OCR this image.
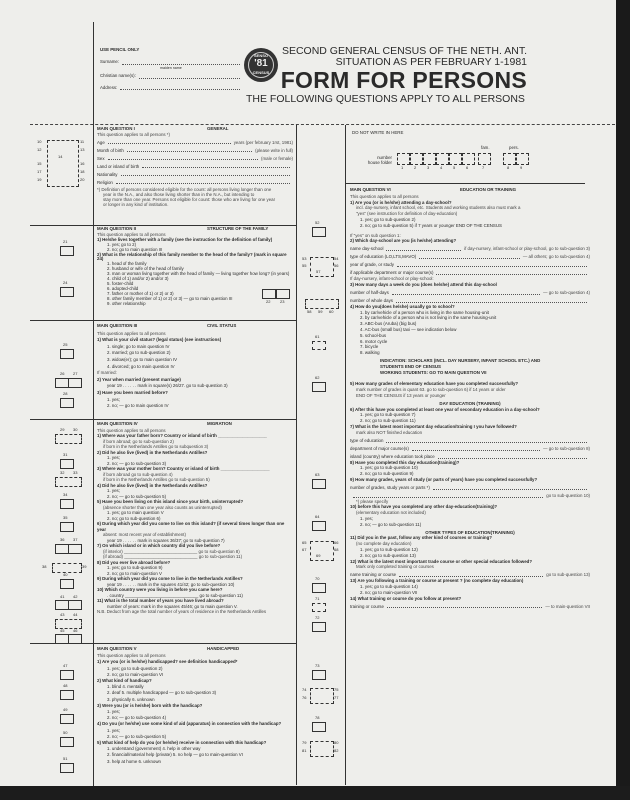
USE PENCIL ONLY
Surname:
maiden name
Christian name(s):
Address:
SENSO
'81
CENSUS
SECOND GENERAL CENSUS OF THE NETH. ANT.
SITUATION AS PER FEBRUARY 1-1981
FORM FOR PERSONS
THE FOLLOWING QUESTIONS APPLY TO ALL PERSONS
DO NOT WRITE IN HERE
number
house folder
fam.	pers.
1	2	3	4	5	6	7	8	9
MAIN QUESTION I	GENERAL
This question applies to all persons *)
Age	years (per february 1rst, 1981)
Month of birth	(please write in full)
Sex	(male or female)
Land or island of birth
Nationality
Religion
*) Definition of persons considered eligible for the count: all persons living longer than one
year in the N.A., and also those living shorter than in the N.A., but intending to
stay more than one year. Persons not eligible for count: those who are living for one year
or longer in any kind of institution.
MAIN QUESTION II	STRUCTURE OF THE FAMILY
This question applies to all persons
1) He/she lives together with a family (see the instruction for the definition of family)
1. yes; go to 2)
2. no; go to main question III
2) What is the relationship of this family member to the head of the family? (mark in square 24)
1. head of the family
2. husband or wife of the head of family
3. man or woman living together with the head of family — living together how long? (in years)
4. child of 1) and/or 2) and/or 3)
5. foster-child
6. adopted-child
7. father or mother of 1) or 2) or 3)
8. other family member of 1) or 2) or 3) — go to main question III
9. other relationship
MAIN QUESTION III	CIVIL STATUS
This question applies to all persons
1) What is your civil status? (legal status) (see instructions)
1. single; go to main question IV
2. married; go to sub-question 2)
3. widow(er); go to main question IV
4. divorced; go to main question IV
If married:
2) Year when married (present marriage)
year 19 . . . . . . mark in square(s) 26/27. go to sub-question 3)
3) Have you been married before?
1. yes;
2. no; — go to main question IV
MAIN QUESTION IV	MIGRATION
This question applies to all persons
1) Where was your father born? Country or island of birth ____________________
if born abroad; go to sub-question 2)
if born in the Netherlands Antilles go to subquestion 3)
2) Did he also live (lived) in the Netherlands Antilles?
1. yes;
2. no; — go to sub-question 3)
3) Where was your mother born? Country or island of birth ____________________
if born abroad go to sub-question 4)
if born in the Netherlands Antilles go to sub-question 5)
4) Did he also live (lived) in the Netherlands Antilles?
1. yes;
2. no; — go to sub-question 5)
5) Have you been living on this island since your birth, uninterrupted?
(absence shorter than one year also counts as uninterrupted)
1. yes; go to main question V
2. no; go to sub-question 6)
6) During which year did you come to live on this island? (if several times longer than one year
absent: most recent year of establishment)
year 19 . . . . . . mark in squares 36/37; go to sub-question 7)
7) On which island or in which country did you live before?
(if interior) ______________________________ go to sub-question 8)
(if abroad) ______________________________ go to sub-question 11)
8) Did you ever live abroad before?
1. yes; go to sub-question 9)
2. no; go to main-question V
9) During which year did you come to live in the Netherlands Antilles?
year 19 . . . . . . mark in the squares 41/42; go to sub-question 10)
10) Which country were you living in before you came here?
. country ______________________________ go to sub-question 11)
11) What is the total number of years you have lived abroad?
number of years: mark in the squares 45/46; go to main question V.
N.B. Deduct from age the total number of years of residence in the Netherlands Antilles
MAIN QUESTION V	HANDICAPPED
This question applies to all persons
1) Are you (or is he/she) handicapped? see definition handicapped*
1. yes; go to sub-question 2)
2. no; go to main-question VI
2) What kind of handicap?
1. blind 4. mentally
2. deaf 5. multiple handicapped — go to sub-question 3)
3. physically 6. unknown
3) Were you (or is he/she) born with the handicap?
1. yes;
2. no; — go to sub-question 4)
4) Do you (or he/she) use some kind of aid (apparatus) in connection with the handicap?
1. yes;
2. no; — go to sub-question 5)
5) What kind of help do you (or he/she) receive in connection with this handicap?
1. understand (government) 4. help in other way
2. financial/material help (private) 5. no help — go to main-question VI
3. help at home 6. unknown
MAIN QUESTION VI	EDUCATION OR TRAINING
This question applies to all persons
1) Are you (or is he/she) attending a day-school?
incl. day-nursery, infant school, etc. Students and working students also must mark a
"yes" (see instruction for definition of day-education)
1. yes; go to sub-question 2)
2. no; go to sub-question 5) if 7 years or younger END OF THE CENSUS
If "yes" on sub question 1:
2) Which day-school are you (is he/she) attending?
name day-school	if day-nursery, infant-school or play-school, go to sub-question 3)
type of education (LO,LTS,MAVO)	— all others; go to sub-question 4)
year of grade, or study
if applicable department or major course(s)
If day-nursery, infant-school or play-school:
3) How many days a week do you (does he/she) attend this day-school
number of half-days	— go to sub-question 4)
number of whole days
4) How do you(does he/she) usually go to school?
1. by car/vehicle of a person who is living in the same housing-unit
2. by car/vehicle of a person who is not living in the same housing-unit
3. ABC-bus (Aruba) (big bus)
4. AC-bus (small bus) taxi — see indication below
5. school-bus
6. motor cycle
7. bicycle
8. walking
INDICATION: SCHOLARS (INCL. DAY NURSERY, INFANT SCHOOL ETC.) AND
STUDENTS END OF CENSUS
WORKING STUDENTS: GO TO MAIN QUESTION VII
5) How many grades of elementary education have you completed successfully?
mark number of grades in quant 63. go to sub-question 6) if 14 years or older
END OF THE CENSUS if 13 years or younger
DAY EDUCATION (TRAINING)
6) After this have you completed at least one year of secondary education in a day-school?
1. yes; go to sub-question 7)
2. no; go to sub-question 11)
7) What is the latest most important day education/training I you have followed?
mark also NOT finished education
type of education
department of major course(s)	— go to sub-question 8)
island (country) where education took place
8) Have you completed this day education(training)?
1. yes; go to sub-question 10)
2. no; go to sub-question 9)
9) How many grades, years of study (or parts of years) have you completed successfully?
number of grades, study years or parts *)
go to sub-question 10)
*) please specify
10) before this have you completed any other day-education(training)?
(elementary education not included)
1. yes;
2. no; — go to sub-question 11)
OTHER TYPES OF EDUCATION(TRAINING)
11) Did you in the past, follow any other kind of courses or training?
(no complete day education)
1. yes; go to sub-question 12)
2. no; go to sub-question 13)
12) What is the latest most important trade course or other special education followed?
Mark only completed training or courses
name training or course	go to sub-question 13)
13) Are you following a training or course at present ? (no complete day education)
1. yes; go to sub-question 14)
2. no; go to main-question VII
14) What training or course do you follow at present?
training or course	— to main-question VII
10	11
12	13
14
15	16
17	18
19	20
21
22 23
24
25
26 27
28
29 30
31
32 33
34
35
36 37
38	39
40
41 42
43 44
45 46
47
48
49
50
51
52
53	54
55	56
57
58 59 60
61
62
63
64
65	66
67	68
69
70
71
72
73
74	75
76	77
78
79	80
81	82
